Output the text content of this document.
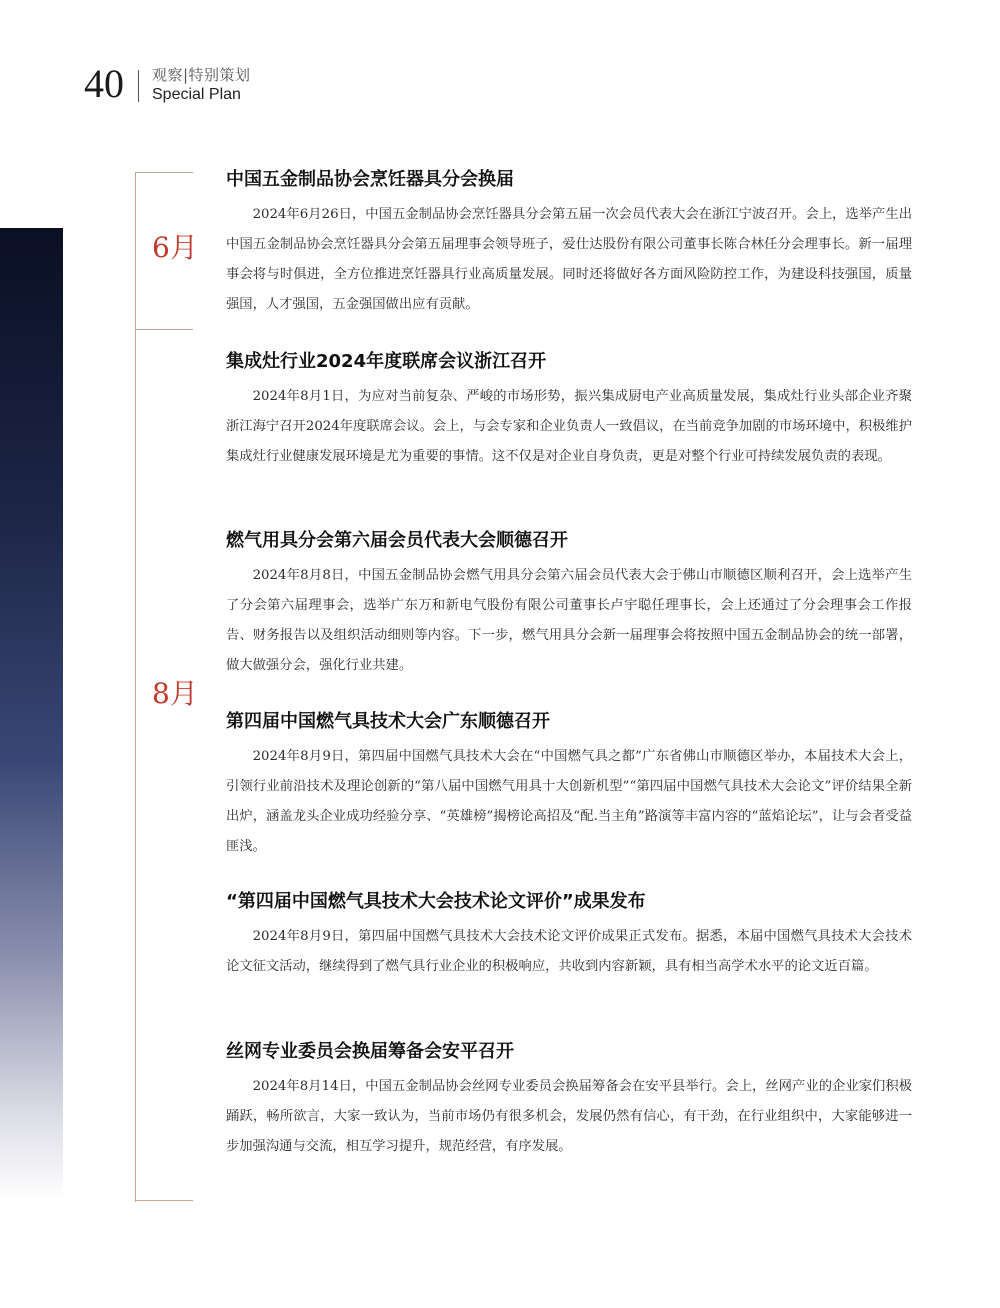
40 观察|特别策划
Special Plan
6月
8月
中国五金制品协会烹饪器具分会换届

2024年6月26日，中国五金制品协会烹饪器具分会第五届一次会员代表大会在浙江宁波召开。会上，选举产生出中国五金制品协会烹饪器具分会第五届理事会领导班子，爱仕达股份有限公司董事长陈合林任分会理事长。新一届理事会将与时俱进，全方位推进烹饪器具行业高质量发展。同时还将做好各方面风险防控工作，为建设科技强国，质量强国，人才强国，五金强国做出应有贡献。

集成灶行业2024年度联席会议浙江召开

2024年8月1日，为应对当前复杂、严峻的市场形势，振兴集成厨电产业高质量发展，集成灶行业头部企业齐聚浙江海宁召开2024年度联席会议。会上，与会专家和企业负责人一致倡议，在当前竞争加剧的市场环境中，积极维护集成灶行业健康发展环境是尤为重要的事情。这不仅是对企业自身负责，更是对整个行业可持续发展负责的表现。

燃气用具分会第六届会员代表大会顺德召开

2024年8月8日，中国五金制品协会燃气用具分会第六届会员代表大会于佛山市顺德区顺利召开，会上选举产生了分会第六届理事会，选举广东万和新电气股份有限公司董事长卢宇聪任理事长，会上还通过了分会理事会工作报告、财务报告以及组织活动细则等内容。下一步，燃气用具分会新一届理事会将按照中国五金制品协会的统一部署，做大做强分会，强化行业共建。

第四届中国燃气具技术大会广东顺德召开

2024年8月9日，第四届中国燃气具技术大会在“中国燃气具之都”广东省佛山市顺德区举办，本届技术大会上，引领行业前沿技术及理论创新的“第八届中国燃气用具十大创新机型”“第四届中国燃气具技术大会论文”评价结果全新出炉，涵盖龙头企业成功经验分享、“英雄榜”揭榜论高招及“配.当主角”路演等丰富内容的“蓝焰论坛”，让与会者受益匪浅。

“第四届中国燃气具技术大会技术论文评价”成果发布

2024年8月9日，第四届中国燃气具技术大会技术论文评价成果正式发布。据悉，本届中国燃气具技术大会技术论文征文活动，继续得到了燃气具行业企业的积极响应，共收到内容新颖，具有相当高学术水平的论文近百篇。

丝网专业委员会换届筹备会安平召开

2024年8月14日，中国五金制品协会丝网专业委员会换届筹备会在安平县举行。会上，丝网产业的企业家们积极踊跃，畅所欲言，大家一致认为，当前市场仍有很多机会，发展仍然有信心，有干劲，在行业组织中，大家能够进一步加强沟通与交流，相互学习提升，规范经营，有序发展。
